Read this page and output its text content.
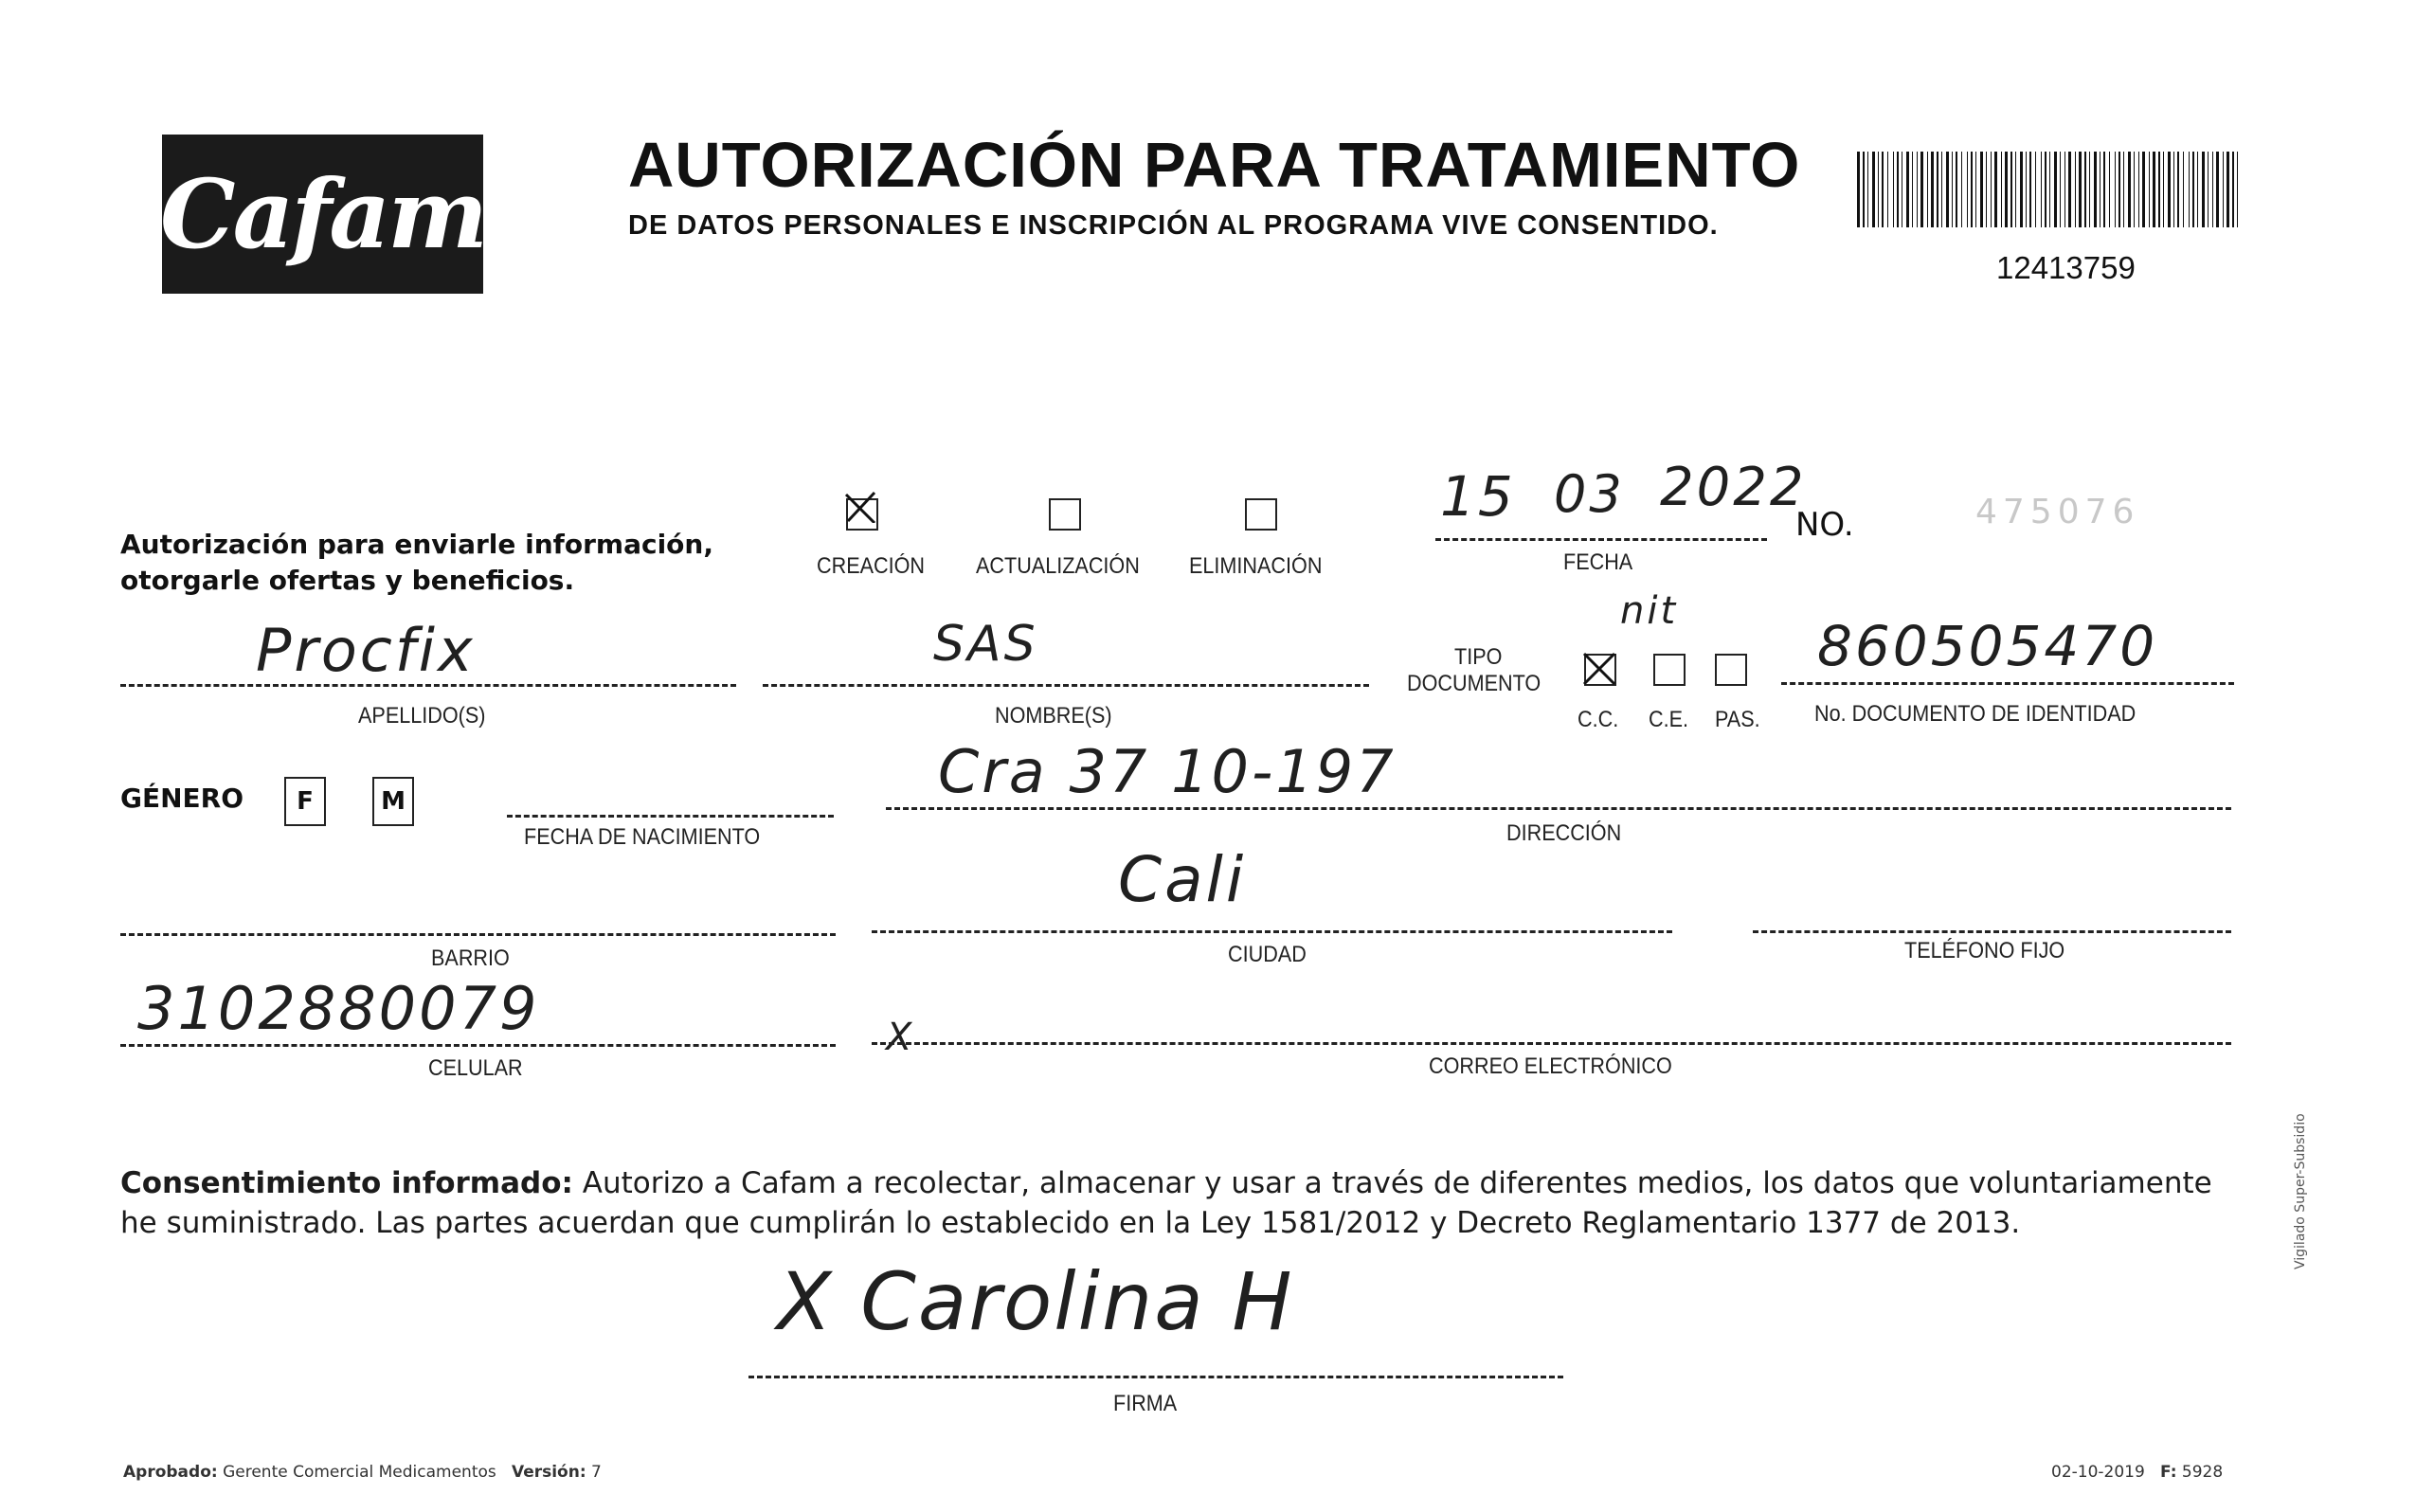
Cafam AUTORIZACIÓN PARA TRATAMIENTO
DE DATOS PERSONALES E INSCRIPCIÓN AL PROGRAMA VIVE CONSENTIDO.
12413759
Autorización para enviarle información, otorgarle ofertas y beneficios.	CREACIÓN ACTUALIZACIÓN ELIMINACIÓN
15 03 2022
FECHA
NO.	475076
Procfix
APELLIDO(S)
SAS
NOMBRE(S)
TIPO
DOCUMENTO
nit
C.C. C.E. PAS.
860505470
No. DOCUMENTO DE IDENTIDAD
GÉNERO F	M
FECHA DE NACIMIENTO
Cra 37 10-197
DIRECCIÓN
BARRIO
Cali
CIUDAD	TELÉFONO FIJO
3102880079
CELULAR
X
CORREO ELECTRÓNICO
Consentimiento informado: Autorizo a Cafam a recolectar, almacenar y usar a través de diferentes medios, los datos que voluntariamente he suministrado. Las partes acuerdan que cumplirán lo establecido en la Ley 1581/2012 y Decreto Reglamentario 1377 de 2013.
X Carolina H
FIRMA
Aprobado: Gerente Comercial Medicamentos Versión: 7	02-10-2019 F: 5928
Vigilado Super-Subsidio
